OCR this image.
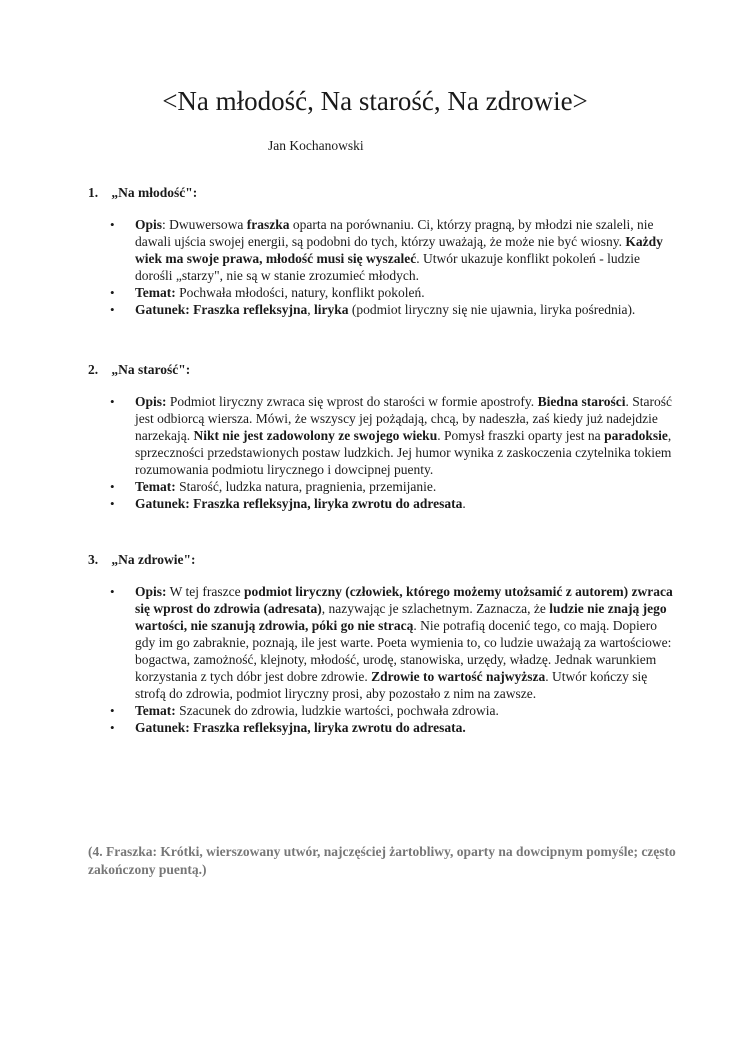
<Na młodość, Na starość, Na zdrowie>

Jan Kochanowski

1. „Na młodość":
• Opis: Dwuwersowa fraszka oparta na porównaniu. Ci, którzy pragną, by młodzi nie szaleli, nie dawali ujścia swojej energii, są podobni do tych, którzy uważają, że może nie być wiosny. Każdy wiek ma swoje prawa, młodość musi się wyszaleć. Utwór ukazuje konflikt pokoleń - ludzie dorośli „starzy", nie są w stanie zrozumieć młodych.
• Temat: Pochwała młodości, natury, konflikt pokoleń.
• Gatunek: Fraszka refleksyjna, liryka (podmiot liryczny się nie ujawnia, liryka pośrednia).
2. „Na starość":
• Opis: Podmiot liryczny zwraca się wprost do starości w formie apostrofy. Biedna starości. Starość jest odbiorcą wiersza. Mówi, że wszyscy jej pożądają, chcą, by nadeszła, zaś kiedy już nadejdzie narzekają. Nikt nie jest zadowolony ze swojego wieku. Pomysł fraszki oparty jest na paradoksie, sprzeczności przedstawionych postaw ludzkich. Jej humor wynika z zaskoczenia czytelnika tokiem rozumowania podmiotu lirycznego i dowcipnej puenty.
• Temat: Starość, ludzka natura, pragnienia, przemijanie.
• Gatunek: Fraszka refleksyjna, liryka zwrotu do adresata.
3. „Na zdrowie":
• Opis: W tej fraszce podmiot liryczny (człowiek, którego możemy utożsamić z autorem) zwraca się wprost do zdrowia (adresata), nazywając je szlachetnym. Zaznacza, że ludzie nie znają jego wartości, nie szanują zdrowia, póki go nie stracą. Nie potrafią docenić tego, co mają. Dopiero gdy im go zabraknie, poznają, ile jest warte. Poeta wymienia to, co ludzie uważają za wartościowe: bogactwa, zamożność, klejnoty, młodość, urodę, stanowiska, urzędy, władzę. Jednak warunkiem korzystania z tych dóbr jest dobre zdrowie. Zdrowie to wartość najwyższa. Utwór kończy się strofą do zdrowia, podmiot liryczny prosi, aby pozostało z nim na zawsze.
• Temat: Szacunek do zdrowia, ludzkie wartości, pochwała zdrowia.
• Gatunek: Fraszka refleksyjna, liryka zwrotu do adresata.

(4. Fraszka: Krótki, wierszowany utwór, najczęściej żartobliwy, oparty na dowcipnym pomyśle; często zakończony puentą.)
